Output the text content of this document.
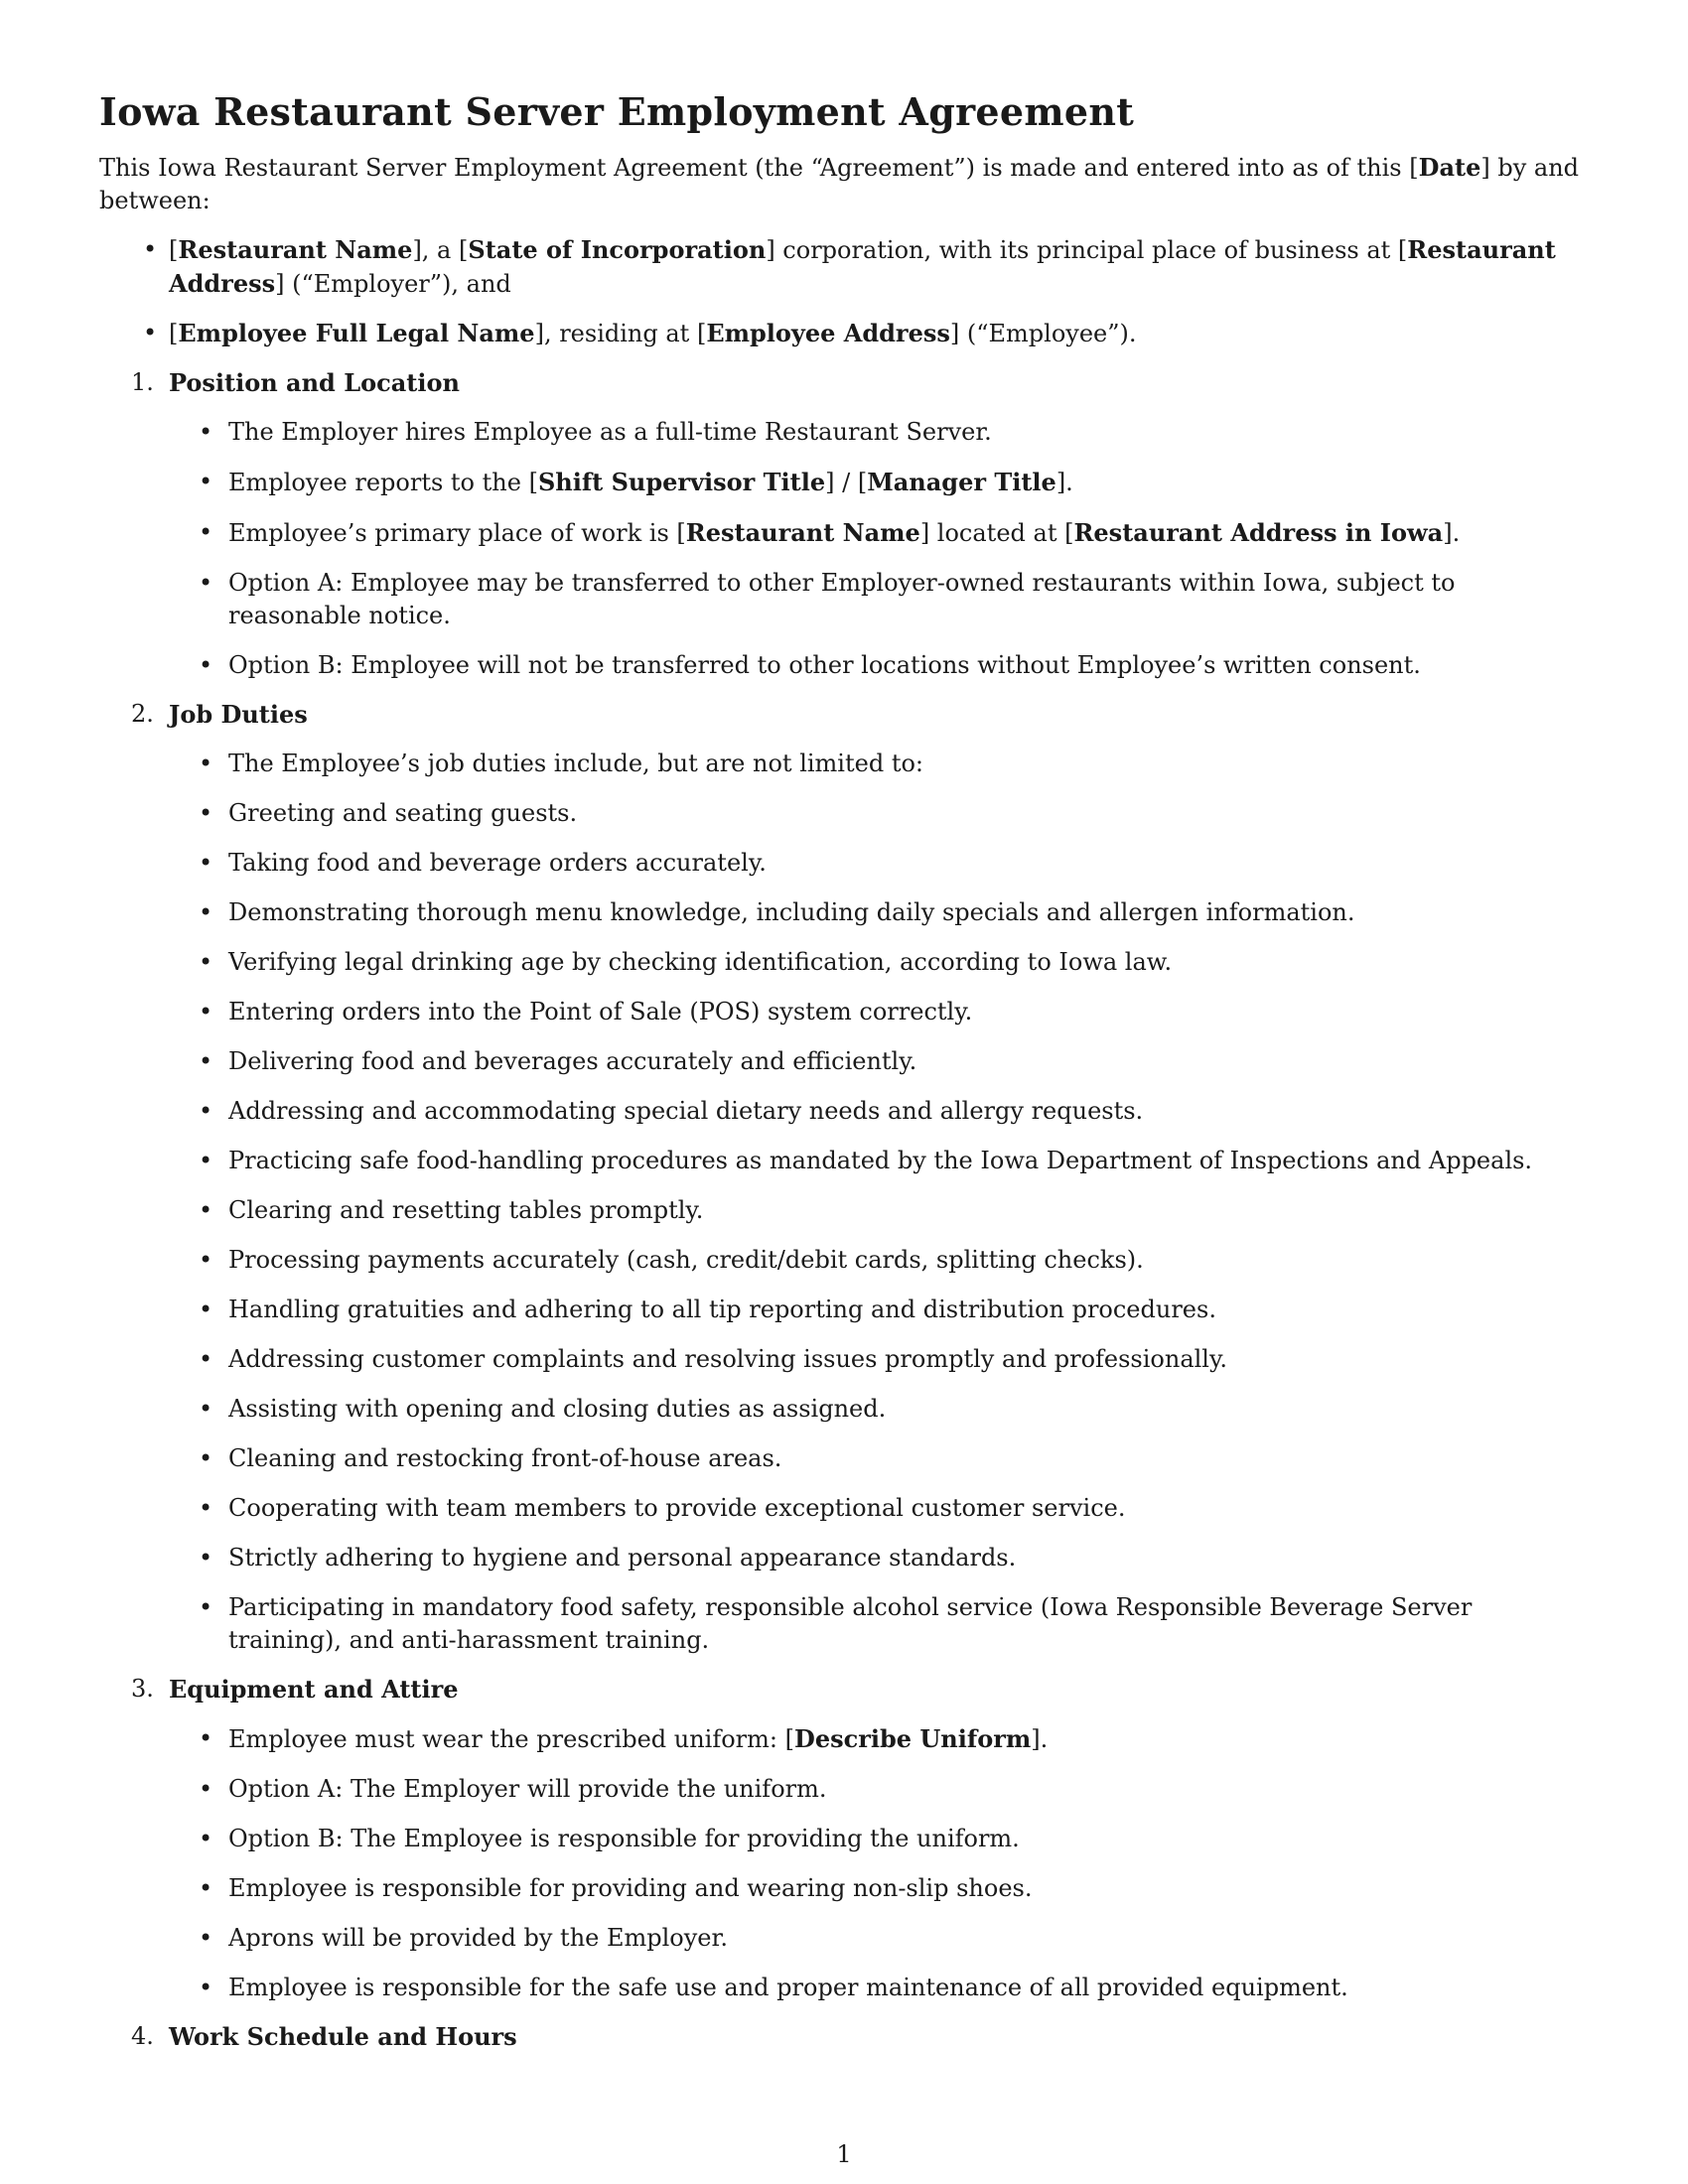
Iowa Restaurant Server Employment Agreement

This Iowa Restaurant Server Employment Agreement (the “Agreement”) is made and entered into as of this [Date] by and between:

• [Restaurant Name], a [State of Incorporation] corporation, with its principal place of business at [Restaurant Address] (“Employer”), and
• [Employee Full Legal Name], residing at [Employee Address] (“Employee”).
1. Position and Location
• The Employer hires Employee as a full-time Restaurant Server.
• Employee reports to the [Shift Supervisor Title] / [Manager Title].
• Employee’s primary place of work is [Restaurant Name] located at [Restaurant Address in Iowa].
• Option A: Employee may be transferred to other Employer-owned restaurants within Iowa, subject to reasonable notice.
• Option B: Employee will not be transferred to other locations without Employee’s written consent.
2. Job Duties
• The Employee’s job duties include, but are not limited to:
• Greeting and seating guests.
• Taking food and beverage orders accurately.
• Demonstrating thorough menu knowledge, including daily specials and allergen information.
• Verifying legal drinking age by checking identification, according to Iowa law.
• Entering orders into the Point of Sale (POS) system correctly.
• Delivering food and beverages accurately and efficiently.
• Addressing and accommodating special dietary needs and allergy requests.
• Practicing safe food-handling procedures as mandated by the Iowa Department of Inspections and Appeals.
• Clearing and resetting tables promptly.
• Processing payments accurately (cash, credit/debit cards, splitting checks).
• Handling gratuities and adhering to all tip reporting and distribution procedures.
• Addressing customer complaints and resolving issues promptly and professionally.
• Assisting with opening and closing duties as assigned.
• Cleaning and restocking front-of-house areas.
• Cooperating with team members to provide exceptional customer service.
• Strictly adhering to hygiene and personal appearance standards.
• Participating in mandatory food safety, responsible alcohol service (Iowa Responsible Beverage Server training), and anti-harassment training.
3. Equipment and Attire
• Employee must wear the prescribed uniform: [Describe Uniform].
• Option A: The Employer will provide the uniform.
• Option B: The Employee is responsible for providing the uniform.
• Employee is responsible for providing and wearing non-slip shoes.
• Aprons will be provided by the Employer.
• Employee is responsible for the safe use and proper maintenance of all provided equipment.
4. Work Schedule and Hours
1
